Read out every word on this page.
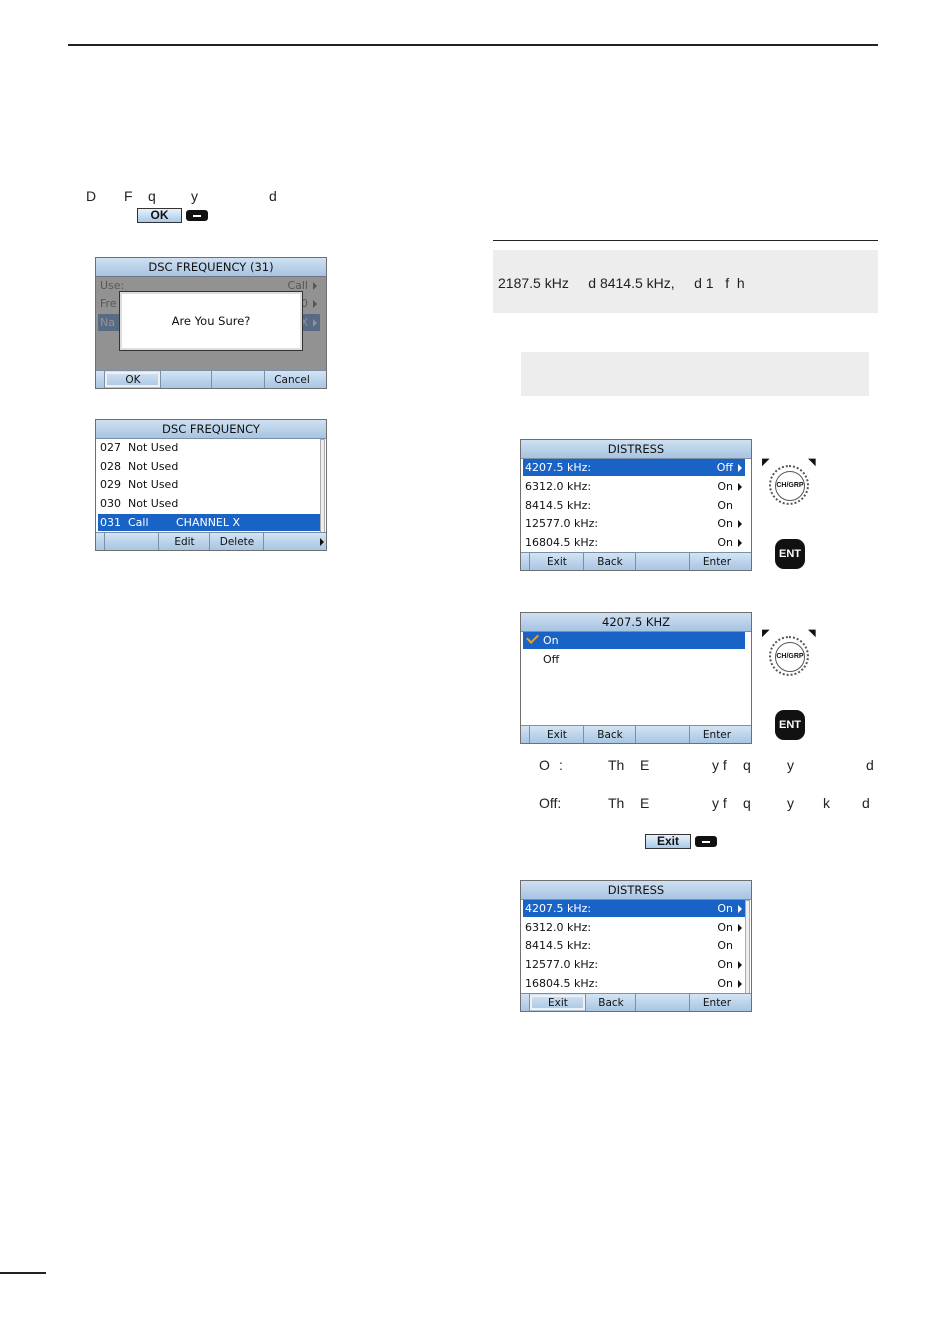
D F q	y	d
OK
DSC FREQUENCY (31)
Are You Sure?
OK	Cancel
DSC FREQUENCY
027 Not Used
028 Not Used
029 Not Used
030 Not Used
031 Call CHANNEL X
Edit	Delete
2187.5 kHz     d 8414.5 kHz,     d 1   f  h
DISTRESS
4207.5 kHz:	Off
6312.0 kHz:	On
8414.5 kHz:	On
12577.0 kHz:	On
16804.5 kHz:	On
Exit	Back	Enter
◤	◥
CH/GRP
ENT
4207.5 KHZ
On
Off
Exit	Back	Enter
◤	◥
CH/GRP
ENT
O :	Th E	y f q	y	d
Off:	Th E	y f q	y k d
Exit
DISTRESS
4207.5 kHz:	On
6312.0 kHz:	On
8414.5 kHz:	On
12577.0 kHz:	On
16804.5 kHz:	On
Exit	Back	Enter
